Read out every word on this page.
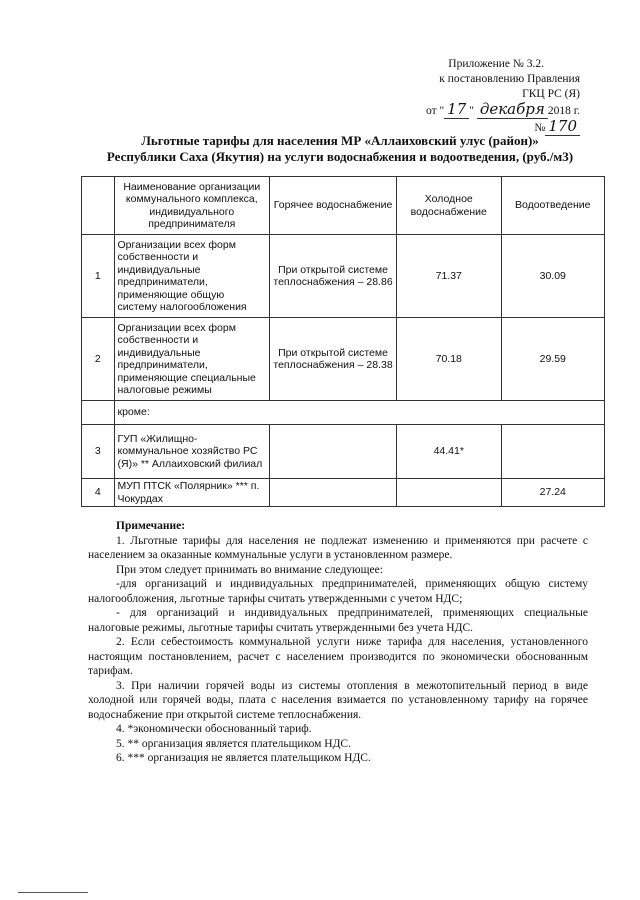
Приложение № 3.2.
к постановлению Правления
ГКЦ РС (Я)
от " 17 " декабря 2018 г. № 170
Льготные тарифы для населения МР «Аллаиховский улус (район)»
Республики Саха (Якутия) на услуги водоснабжения и водоотведения, (руб./м3)
	Наименование организации коммунального комплекса, индивидуального предпринимателя	Горячее водоснабжение	Холодное водоснабжение	Водоотведение
1	Организации всех форм собственности и индивидуальные предприниматели, применяющие общую систему налогообложения	При открытой системе теплоснабжения – 28.86	71.37	30.09
2	Организации всех форм собственности и индивидуальные предприниматели, применяющие специальные налоговые режимы	При открытой системе теплоснабжения – 28.38	70.18	29.59
	кроме:			
3	ГУП «Жилищно-коммунальное хозяйство РС (Я)» ** Аллаиховский филиал		44.41*	
4	МУП ПТСК «Полярник» *** п. Чокурдах			27.24

Примечание:

1. Льготные тарифы для населения не подлежат изменению и применяются при расчете с населением за оказанные коммунальные услуги в установленном размере.

При этом следует принимать во внимание следующее:

-для организаций и индивидуальных предпринимателей, применяющих общую систему налогообложения, льготные тарифы считать утвержденными с учетом НДС;

- для организаций и индивидуальных предпринимателей, применяющих специальные налоговые режимы, льготные тарифы считать утвержденными без учета НДС.

2. Если себестоимость коммунальной услуги ниже тарифа для населения, установленного настоящим постановлением, расчет с населением производится по экономически обоснованным тарифам.

3. При наличии горячей воды из системы отопления в межотопительный период в виде холодной или горячей воды, плата с населения взимается по установленному тарифу на горячее водоснабжение при открытой системе теплоснабжения.

4. *экономически обоснованный тариф.

5. ** организация является плательщиком НДС.

6. *** организация не является плательщиком НДС.
